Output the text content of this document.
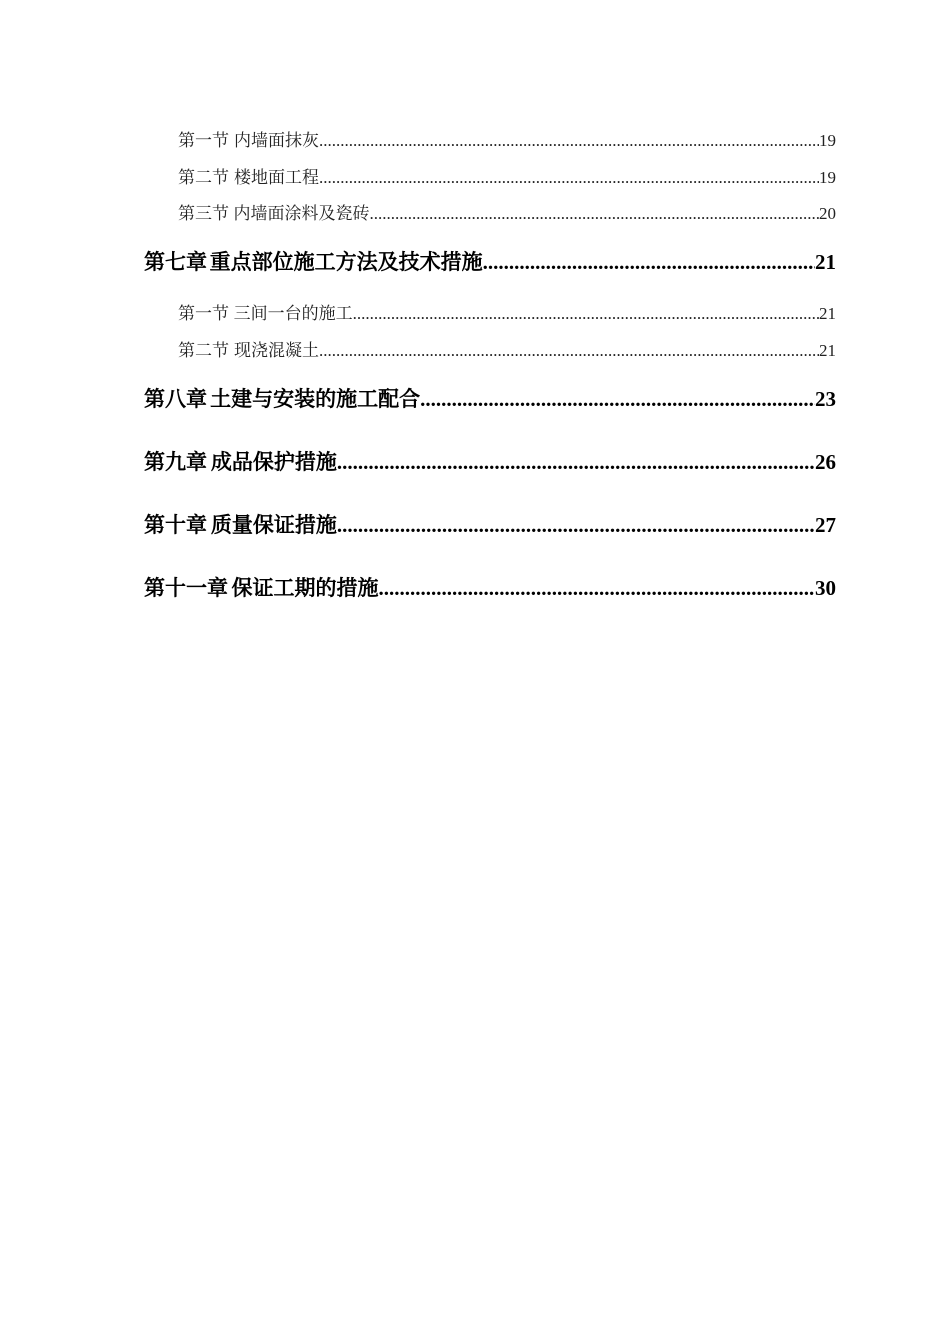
第一节 内墙面抹灰 .....	19
第二节 楼地面工程 .....	19
第三节 内墙面涂料及瓷砖 .....	20
第七章 重点部位施工方法及技术措施 .....	21
第一节 三间一台的施工 .....	21
第二节 现浇混凝土 .....	21
第八章 土建与安装的施工配合 .....	23
第九章 成品保护措施 .....	26
第十章 质量保证措施 .....	27
第十一章 保证工期的措施 .....	30
